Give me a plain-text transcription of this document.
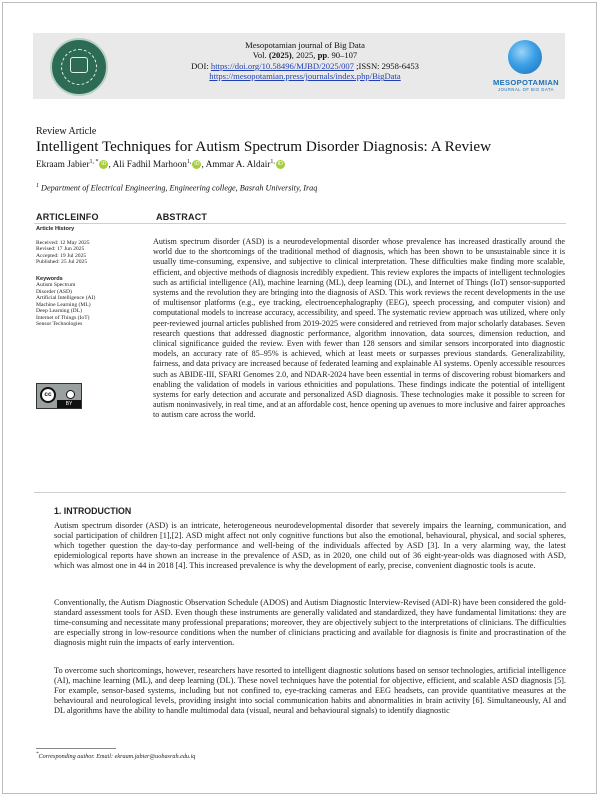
Mesopotamian journal of Big Data
Vol. (2025), 2025, pp. 90–107
DOI: https://doi.org/10.58496/MJBD/2025/007 ;ISSN: 2958-6453
https://mesopotamian.press/journals/index.php/BigData
MESOPOTAMIAN
JOURNAL OF BIG DATA
Review Article
Intelligent Techniques for Autism Spectrum Disorder Diagnosis: A Review
Ekraam Jabier$^{1, *}$ iD , Ali Fadhil Marhoon$^{1,}$ iD , Ammar A. Aldair$^{1,}$ iD
$^1$ Department of Electrical Engineering, Engineering college, Basrah University, Iraq
ARTICLEINFO	ABSTRACT
Article History
Received: 12 May 2025
Revised: 17 Jun 2025
Accepted: 19 Jul 2025
Published: 25 Jul 2025
Keywords
Autism Spectrum
Disorder (ASD)
Artificial Intelligence (AI)
Machine Learning (ML)
Deep Learning (DL)
Internet of Things (IoT)
Sensor Technologies
cc
BY
Autism spectrum disorder (ASD) is a neurodevelopmental disorder whose prevalence has increased drastically around the world due to the shortcomings of the traditional method of diagnosis, which has been shown to be unsustainable since it is usually time-consuming, expensive, and subjective to clinical interpretation. These difficulties make finding more scalable, efficient, and objective methods of diagnosis incredibly expedient. This review explores the impacts of intelligent technologies such as artificial intelligence (AI), machine learning (ML), deep learning (DL), and Internet of Things (IoT) sensor-supported systems and the revolution they are bringing into the diagnosis of ASD. This work reviews the recent developments in the use of multisensor platforms (e.g., eye tracking, electroencephalography (EEG), speech processing, and computer vision) and computational models to increase accuracy, accessibility, and speed. The systematic review approach was utilized, where only peer-reviewed journal articles published from 2019-2025 were considered and retrieved from major scholarly databases. Seven research questions that addressed diagnostic performance, algorithm innovation, data sources, dimension reduction, and clinical significance guided the review. Even with fewer than 128 sensors and similar sensors incorporated into diagnostic models, an accuracy rate of 85–95% is achieved, which at least meets or surpasses previous standards. Generalizability, fairness, and data privacy are increased because of federated learning and explainable AI systems. Openly accessible resources such as ABIDE-III, SFARI Genomes 2.0, and NDAR-2024 have been essential in terms of discovering robust biomarkers and enabling the validation of models in various ethnicities and populations. These findings indicate the potential of intelligent systems for early detection and accurate and personalized ASD diagnosis. These technologies make it possible to screen for autism noninvasively, in real time, and at an affordable cost, hence opening up avenues to more inclusive and fairer approaches to autism care across the world.
1. INTRODUCTION
Autism spectrum disorder (ASD) is an intricate, heterogeneous neurodevelopmental disorder that severely impairs the learning, communication, and social participation of children [1],[2]. ASD might affect not only cognitive functions but also the emotional, behavioural, physical, and social spheres, which together question the day-to-day performance and well-being of the individuals affected by ASD [3]. In a very alarming way, the latest epidemiological reports have shown an increase in the prevalence of ASD, as in 2020, one child out of 36 eight-year-olds was diagnosed with ASD, which was almost one in 44 in 2018 [4]. This increased prevalence is why the development of early, precise, convenient diagnostic tools is acute.
Conventionally, the Autism Diagnostic Observation Schedule (ADOS) and Autism Diagnostic Interview-Revised (ADI-R) have been considered the gold-standard assessment tools for ASD. Even though these instruments are generally validated and standardized, they have fundamental limitations: they are time-consuming and necessitate many professional preparations; moreover, they are objectively subject to the interpretations of clinicians. The difficulties are especially strong in low-resource conditions when the number of clinicians practicing and available for diagnosis is finite and procrastination of the diagnosis might ruin the impacts of early intervention.
To overcome such shortcomings, however, researchers have resorted to intelligent diagnostic solutions based on sensor technologies, artificial intelligence (AI), machine learning (ML), and deep learning (DL). These novel techniques have the potential for objective, efficient, and scalable ASD diagnosis [5]. For example, sensor-based systems, including but not confined to, eye-tracking cameras and EEG headsets, can provide quantitative measures at the behavioural and neurological levels, providing insight into social communication habits and abnormalities in brain activity [6]. Simultaneously, AI and DL algorithms have the ability to handle multimodal data (visual, neural and behavioural signals) to identify diagnostic
*Corresponding author. Email: ekraam.jabier@uobasrah.edu.iq
